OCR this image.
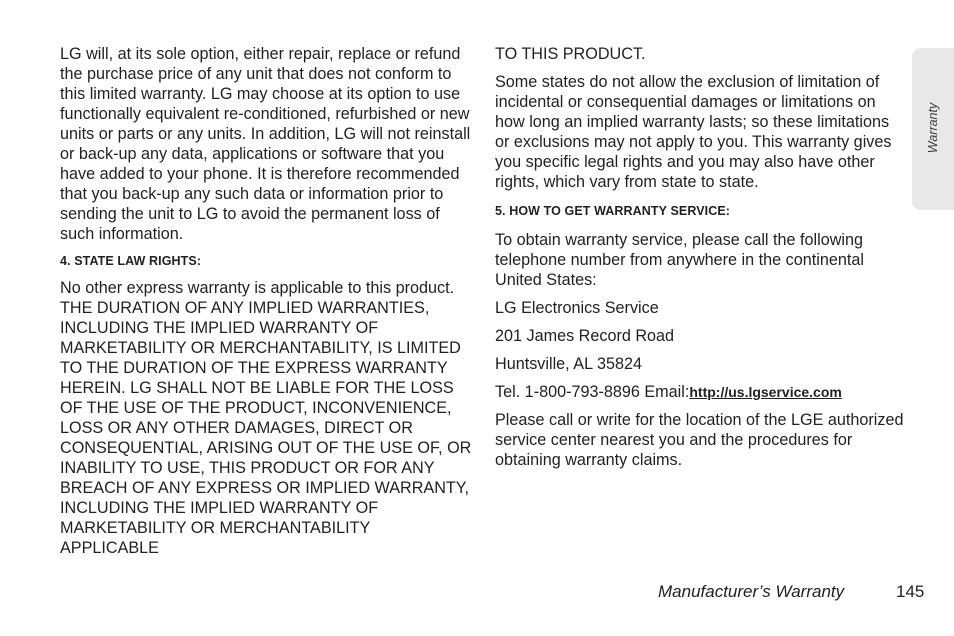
Warranty

LG will, at its sole option, either repair, replace or refund the purchase price of any unit that does not conform to this limited warranty. LG may choose at its option to use functionally equivalent re-conditioned, refurbished or new units or parts or any units. In addition, LG will not reinstall or back-up any data, applications or software that you have added to your phone. It is therefore recommended that you back-up any such data or information prior to sending the unit to LG to avoid the permanent loss of such information.

4. STATE LAW RIGHTS:

No other express warranty is applicable to this product. THE DURATION OF ANY IMPLIED WARRANTIES, INCLUDING THE IMPLIED WARRANTY OF MARKETABILITY OR MERCHANTABILITY, IS LIMITED TO THE DURATION OF THE EXPRESS WARRANTY HEREIN. LG SHALL NOT BE LIABLE FOR THE LOSS OF THE USE OF THE PRODUCT, INCONVENIENCE, LOSS OR ANY OTHER DAMAGES, DIRECT OR CONSEQUENTIAL, ARISING OUT OF THE USE OF, OR INABILITY TO USE, THIS PRODUCT OR FOR ANY BREACH OF ANY EXPRESS OR IMPLIED WARRANTY, INCLUDING THE IMPLIED WARRANTY OF MARKETABILITY OR MERCHANTABILITY APPLICABLE

TO THIS PRODUCT.

Some states do not allow the exclusion of limitation of incidental or consequential damages or limitations on how long an implied warranty lasts; so these limitations or exclusions may not apply to you. This warranty gives you specific legal rights and you may also have other rights, which vary from state to state.

5. HOW TO GET WARRANTY SERVICE:

To obtain warranty service, please call the following telephone number from anywhere in the continental United States:

LG Electronics Service

201 James Record Road

Huntsville, AL 35824

Tel. 1-800-793-8896 Email:http://us.lgservice.com

Please call or write for the location of the LGE authorized service center nearest you and the procedures for obtaining warranty claims.

Manufacturer’s Warranty	145
